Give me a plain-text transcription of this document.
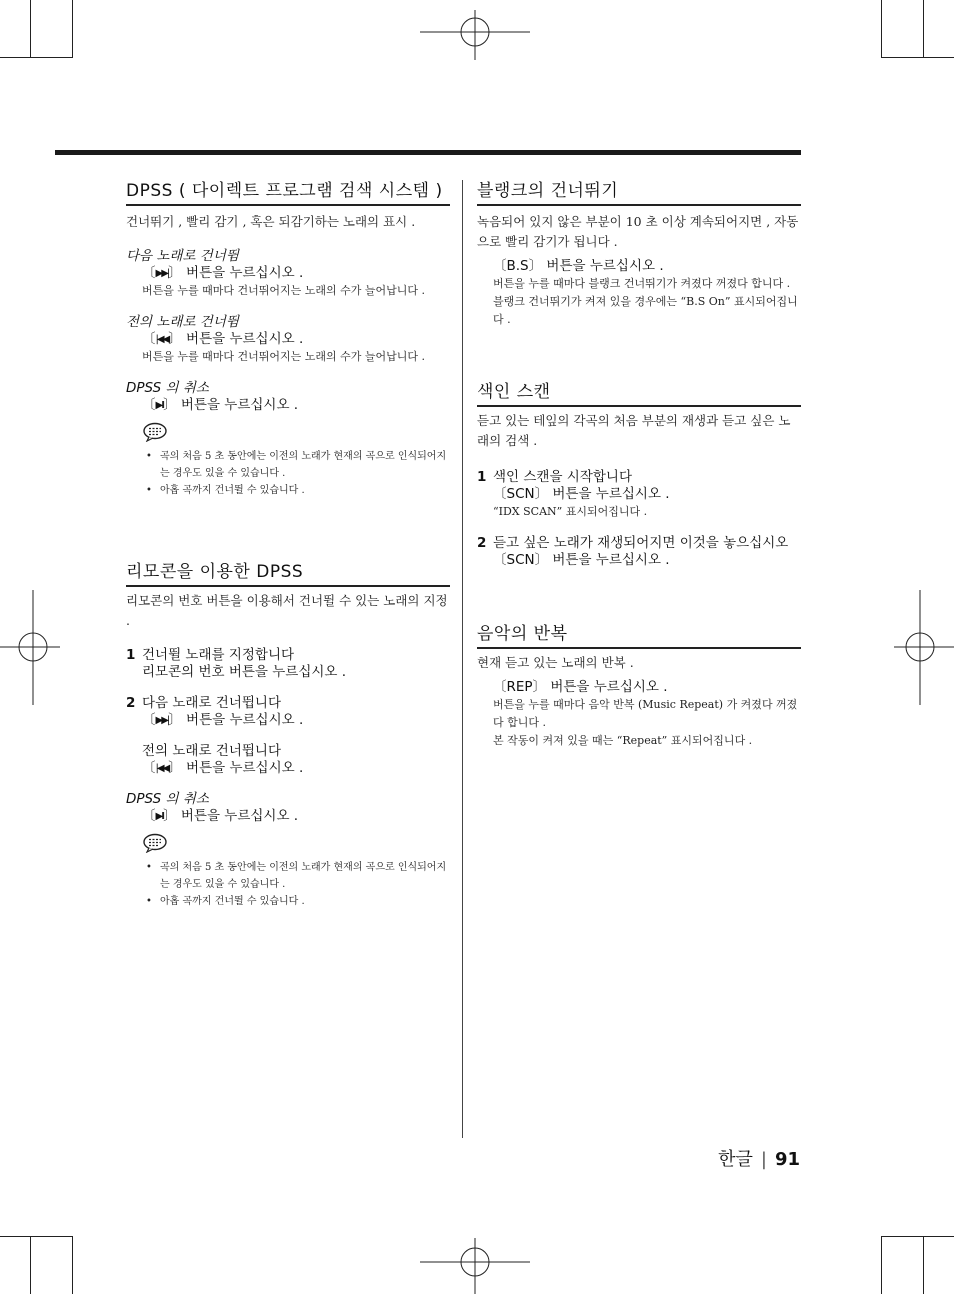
DPSS ( 다이렉트 프로그램 검색 시스템 )

건너뛰기 , 빨리 감기 , 혹은 되감기하는 노래의 표시 .

다음 노래로 건너뜀
〔▶▶|〕 버튼을 누르십시오 .
버튼을 누를 때마다 건너뛰어지는 노래의 수가 늘어납니다 .
전의 노래로 건너뜀
〔|◀◀〕 버튼을 누르십시오 .
버튼을 누를 때마다 건너뛰어지는 노래의 수가 늘어납니다 .
DPSS 의 취소
〔▶II〕 버튼을 누르십시오 .
• 곡의 처음 5 초 동안에는 이전의 노래가 현재의 곡으로 인식되어지는 경우도 있을 수 있습니다 .
• 아홉 곡까지 건너뛸 수 있습니다 .
리모콘을 이용한 DPSS

리모콘의 번호 버튼을 이용해서 건너뛸 수 있는 노래의 지정 .

1 건너뛸 노래를 지정합니다
리모콘의 번호 버튼을 누르십시오 .
2 다음 노래로 건너뜁니다
〔▶▶|〕 버튼을 누르십시오 .
전의 노래로 건너뜁니다
〔|◀◀〕 버튼을 누르십시오 .
DPSS 의 취소
〔▶II〕 버튼을 누르십시오 .
• 곡의 처음 5 초 동안에는 이전의 노래가 현재의 곡으로 인식되어지는 경우도 있을 수 있습니다 .
• 아홉 곡까지 건너뛸 수 있습니다 .
블랭크의 건너뛰기

녹음되어 있지 않은 부분이 10 초 이상 계속되어지면 , 자동으로 빨리 감기가 됩니다 .

〔B.S〕 버튼을 누르십시오 .
버튼을 누를 때마다 블랭크 건너뛰기가 켜졌다 꺼졌다 합니다 .
블랭크 건너뛰기가 켜져 있을 경우에는 “B.S On” 표시되어집니다 .
색인 스캔

듣고 있는 테잎의 각곡의 처음 부분의 재생과 듣고 싶은 노래의 검색 .

1 색인 스캔을 시작합니다
〔SCN〕 버튼을 누르십시오 .
“IDX SCAN” 표시되어집니다 .
2 듣고 싶은 노래가 재생되어지면 이것을 놓으십시오
〔SCN〕 버튼을 누르십시오 .
음악의 반복

현재 듣고 있는 노래의 반복 .

〔REP〕 버튼을 누르십시오 .
버튼을 누를 때마다 음악 반복 (Music Repeat) 가 켜졌다 꺼졌다 합니다 .
본 작동이 켜져 있을 때는 “Repeat” 표시되어집니다 .
한글 | 91
